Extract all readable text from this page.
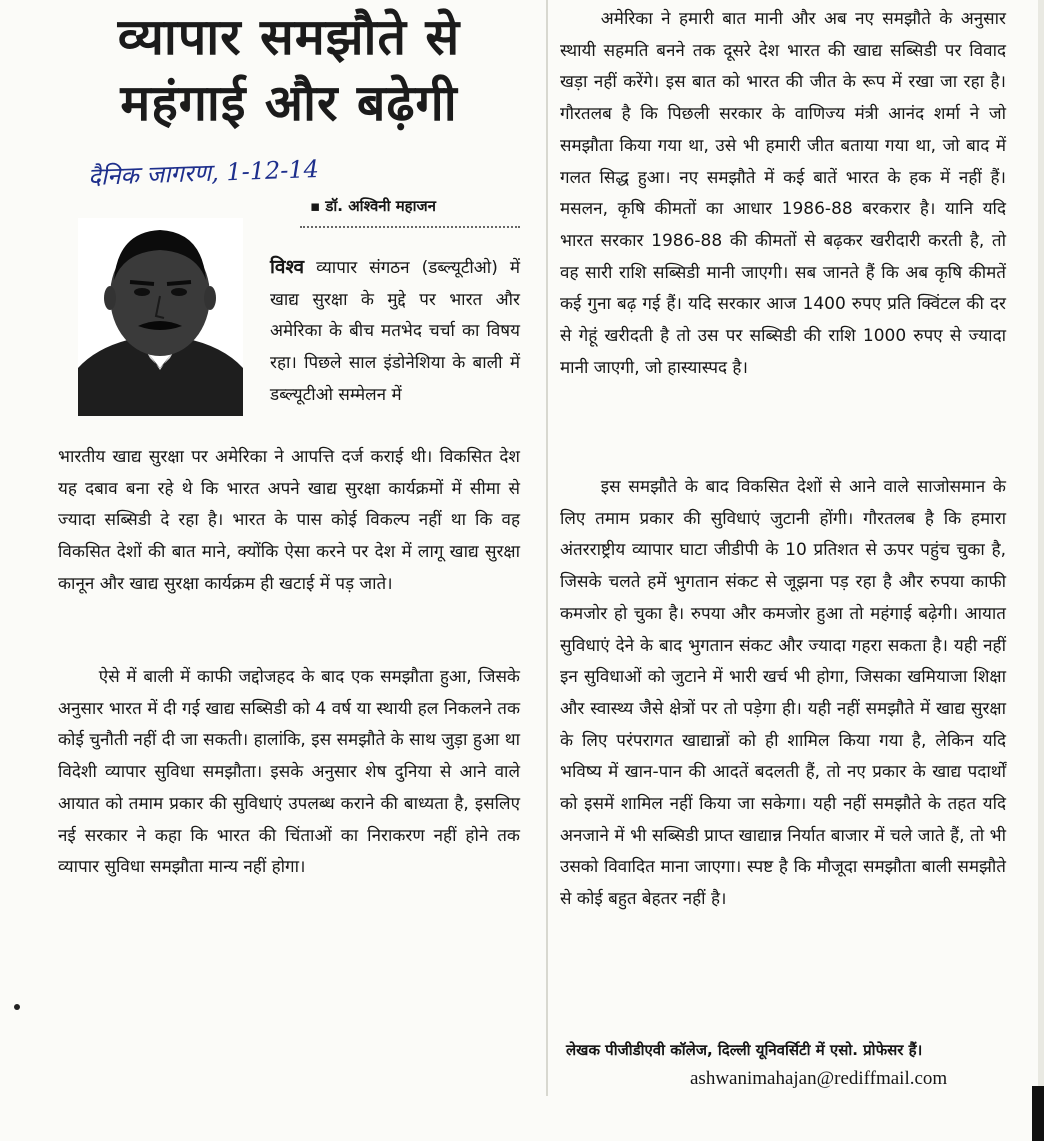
व्यापार समझौते से

महंगाई और बढ़ेगी

दैनिक जागरण, 1-12-14
▪ डॉ. अश्विनी महाजन

विश्व व्यापार संगठन (डब्ल्यूटीओ) में खाद्य सुरक्षा के मुद्दे पर भारत और अमेरिका के बीच मतभेद चर्चा का विषय रहा। पिछले साल इंडोनेशिया के बाली में डब्ल्यूटीओ सम्मेलन में

भारतीय खाद्य सुरक्षा पर अमेरिका ने आपत्ति दर्ज कराई थी। विकसित देश यह दबाव बना रहे थे कि भारत अपने खाद्य सुरक्षा कार्यक्रमों में सीमा से ज्यादा सब्सिडी दे रहा है। भारत के पास कोई विकल्प नहीं था कि वह विकसित देशों की बात माने, क्योंकि ऐसा करने पर देश में लागू खाद्य सुरक्षा कानून और खाद्य सुरक्षा कार्यक्रम ही खटाई में पड़ जाते।

ऐसे में बाली में काफी जद्दोजहद के बाद एक समझौता हुआ, जिसके अनुसार भारत में दी गई खाद्य सब्सिडी को 4 वर्ष या स्थायी हल निकलने तक कोई चुनौती नहीं दी जा सकती। हालांकि, इस समझौते के साथ जुड़ा हुआ था विदेशी व्यापार सुविधा समझौता। इसके अनुसार शेष दुनिया से आने वाले आयात को तमाम प्रकार की सुविधाएं उपलब्ध कराने की बाध्यता है, इसलिए नई सरकार ने कहा कि भारत की चिंताओं का निराकरण नहीं होने तक व्यापार सुविधा समझौता मान्य नहीं होगा।

अमेरिका ने हमारी बात मानी और अब नए समझौते के अनुसार स्थायी सहमति बनने तक दूसरे देश भारत की खाद्य सब्सिडी पर विवाद खड़ा नहीं करेंगे। इस बात को भारत की जीत के रूप में रखा जा रहा है। गौरतलब है कि पिछली सरकार के वाणिज्य मंत्री आनंद शर्मा ने जो समझौता किया गया था, उसे भी हमारी जीत बताया गया था, जो बाद में गलत सिद्ध हुआ। नए समझौते में कई बातें भारत के हक में नहीं हैं। मसलन, कृषि कीमतों का आधार 1986-88 बरकरार है। यानि यदि भारत सरकार 1986-88 की कीमतों से बढ़कर खरीदारी करती है, तो वह सारी राशि सब्सिडी मानी जाएगी। सब जानते हैं कि अब कृषि कीमतें कई गुना बढ़ गई हैं। यदि सरकार आज 1400 रुपए प्रति क्विंटल की दर से गेहूं खरीदती है तो उस पर सब्सिडी की राशि 1000 रुपए से ज्यादा मानी जाएगी, जो हास्यास्पद है।

इस समझौते के बाद विकसित देशों से आने वाले साजोसमान के लिए तमाम प्रकार की सुविधाएं जुटानी होंगी। गौरतलब है कि हमारा अंतरराष्ट्रीय व्यापार घाटा जीडीपी के 10 प्रतिशत से ऊपर पहुंच चुका है, जिसके चलते हमें भुगतान संकट से जूझना पड़ रहा है और रुपया काफी कमजोर हो चुका है। रुपया और कमजोर हुआ तो महंगाई बढ़ेगी। आयात सुविधाएं देने के बाद भुगतान संकट और ज्यादा गहरा सकता है। यही नहीं इन सुविधाओं को जुटाने में भारी खर्च भी होगा, जिसका खमियाजा शिक्षा और स्वास्थ्य जैसे क्षेत्रों पर तो पड़ेगा ही। यही नहीं समझौते में खाद्य सुरक्षा के लिए परंपरागत खाद्यान्नों को ही शामिल किया गया है, लेकिन यदि भविष्य में खान-पान की आदतें बदलती हैं, तो नए प्रकार के खाद्य पदार्थों को इसमें शामिल नहीं किया जा सकेगा। यही नहीं समझौते के तहत यदि अनजाने में भी सब्सिडी प्राप्त खाद्यान्न निर्यात बाजार में चले जाते हैं, तो भी उसको विवादित माना जाएगा। स्पष्ट है कि मौजूदा समझौता बाली समझौते से कोई बहुत बेहतर नहीं है।

लेखक पीजीडीएवी कॉलेज, दिल्ली यूनिवर्सिटी में एसो. प्रोफेसर हैं।
ashwanimahajan@rediffmail.com
